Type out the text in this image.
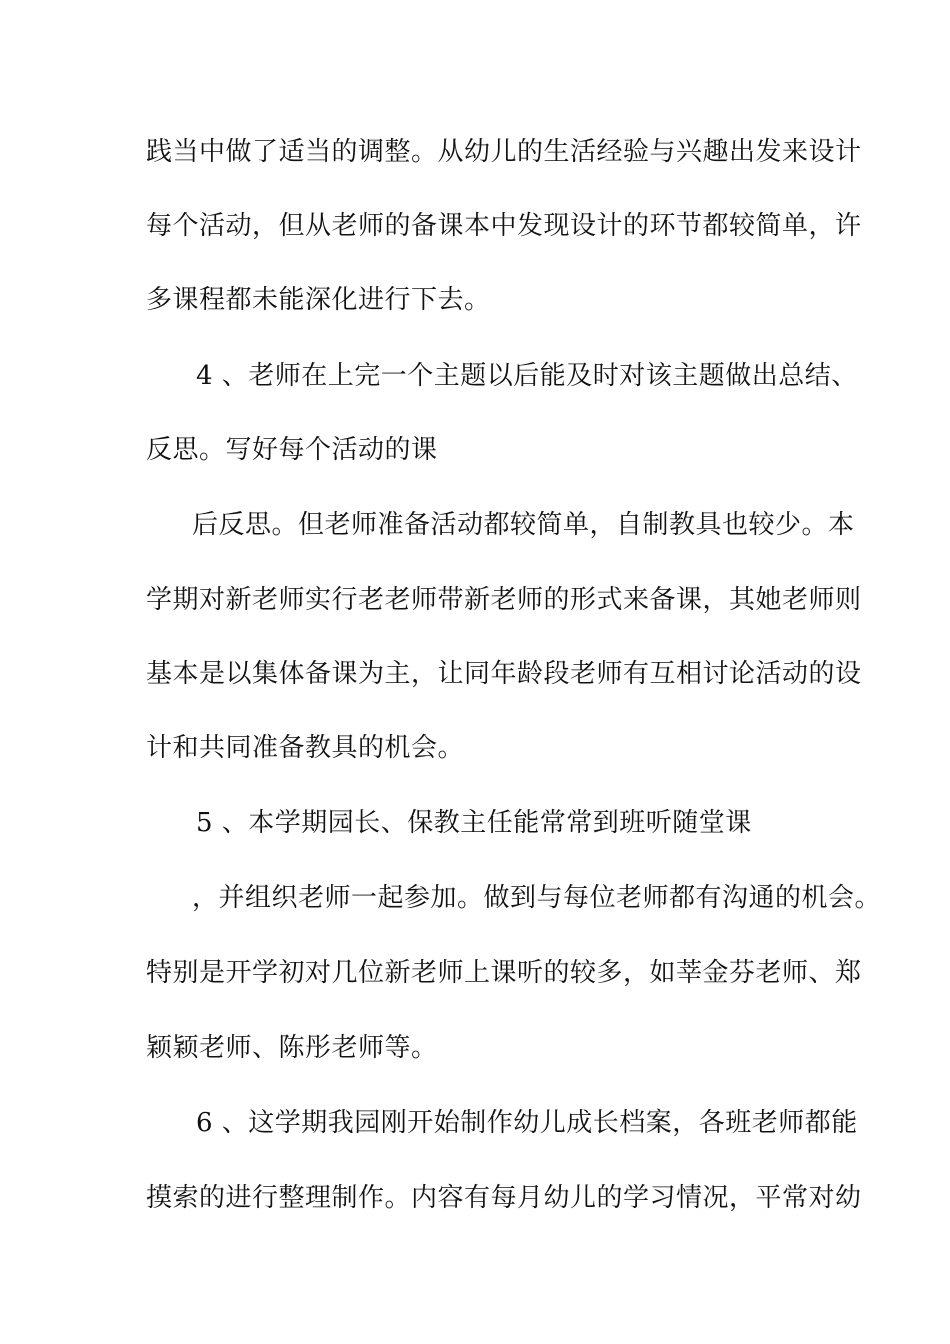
践当中做了适当的调整。从幼儿的生活经验与兴趣出发来设计
每个活动，但从老师的备课本中发现设计的环节都较简单，许
多课程都未能深化进行下去。
4 、老师在上完一个主题以后能及时对该主题做出总结、
反思。写好每个活动的课
后反思。但老师准备活动都较简单，自制教具也较少。本
学期对新老师实行老老师带新老师的形式来备课，其她老师则
基本是以集体备课为主，让同年龄段老师有互相讨论活动的设
计和共同准备教具的机会。
5 、本学期园长、保教主任能常常到班听随堂课
，并组织老师一起参加。做到与每位老师都有沟通的机会。
特别是开学初对几位新老师上课听的较多，如莘金芬老师、郑
颖颖老师、陈彤老师等。
6 、这学期我园刚开始制作幼儿成长档案，各班老师都能
摸索的进行整理制作。内容有每月幼儿的学习情况，平常对幼
